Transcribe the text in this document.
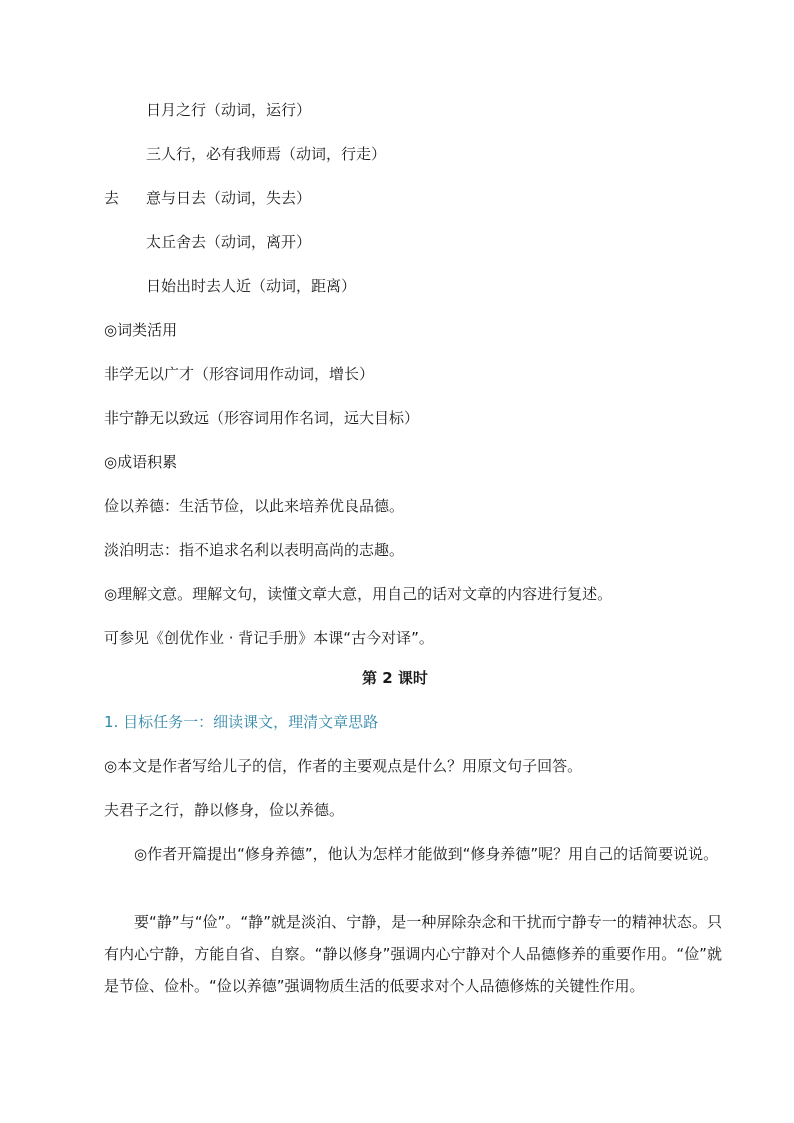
日月之行（动词，运行）
三人行，必有我师焉（动词，行走）
去 意与日去（动词，失去）
太丘舍去（动词，离开）
日始出时去人近（动词，距离）
◎词类活用
非学无以广才（形容词用作动词，增长）
非宁静无以致远（形容词用作名词，远大目标）
◎成语积累
俭以养德：生活节俭，以此来培养优良品德。
淡泊明志：指不追求名利以表明高尚的志趣。
◎理解文意。理解文句，读懂文章大意，用自己的话对文章的内容进行复述。
可参见《创优作业 · 背记手册》本课“古今对译”。
第 2 课时
1. 目标任务一：细读课文，理清文章思路
◎本文是作者写给儿子的信，作者的主要观点是什么？用原文句子回答。
夫君子之行，静以修身，俭以养德。
◎作者开篇提出“修身养德”，他认为怎样才能做到“修身养德”呢？用自己的话简要说说。
要“静”与“俭”。“静”就是淡泊、宁静，是一种屏除杂念和干扰而宁静专一的精神状态。只有内心宁静，方能自省、自察。“静以修身”强调内心宁静对个人品德修养的重要作用。“俭”就是节俭、俭朴。“俭以养德”强调物质生活的低要求对个人品德修炼的关键性作用。
